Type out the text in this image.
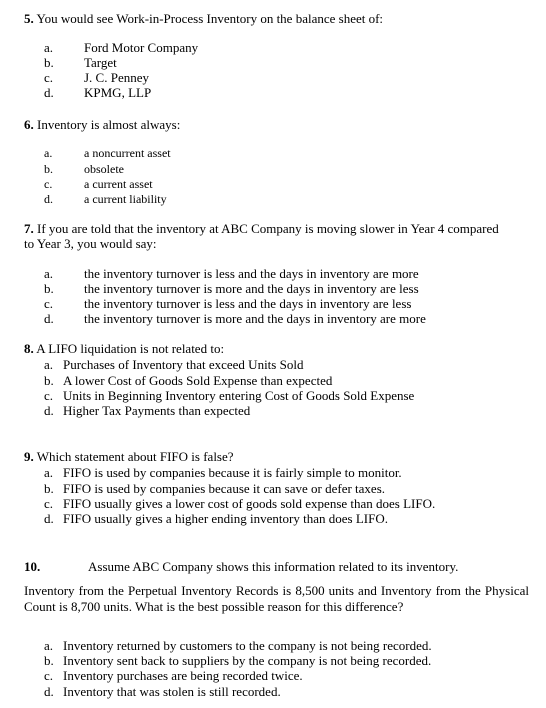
5. You would see Work-in-Process Inventory on the balance sheet of:
a. Ford Motor Company
b. Target
c. J. C. Penney
d. KPMG, LLP
6. Inventory is almost always:
a.	a noncurrent asset
b.	obsolete
c.	a current asset
d.	a current liability
7. If you are told that the inventory at ABC Company is moving slower in Year 4 compared
to Year 3, you would say:
a. the inventory turnover is less and the days in inventory are more
b. the inventory turnover is more and the days in inventory are less
c. the inventory turnover is less and the days in inventory are less
d. the inventory turnover is more and the days in inventory are more
8. A LIFO liquidation is not related to:
a. Purchases of Inventory that exceed Units Sold
b. A lower Cost of Goods Sold Expense than expected
c. Units in Beginning Inventory entering Cost of Goods Sold Expense
d. Higher Tax Payments than expected
9. Which statement about FIFO is false?
a. FIFO is used by companies because it is fairly simple to monitor.
b. FIFO is used by companies because it can save or defer taxes.
c. FIFO usually gives a lower cost of goods sold expense than does LIFO.
d. FIFO usually gives a higher ending inventory than does LIFO.
10.	Assume ABC Company shows this information related to its inventory.
Inventory from the Perpetual Inventory Records is 8,500 units and Inventory from the Physical Count is 8,700 units. What is the best possible reason for this difference?
a. Inventory returned by customers to the company is not being recorded.
b. Inventory sent back to suppliers by the company is not being recorded.
c. Inventory purchases are being recorded twice.
d. Inventory that was stolen is still recorded.
